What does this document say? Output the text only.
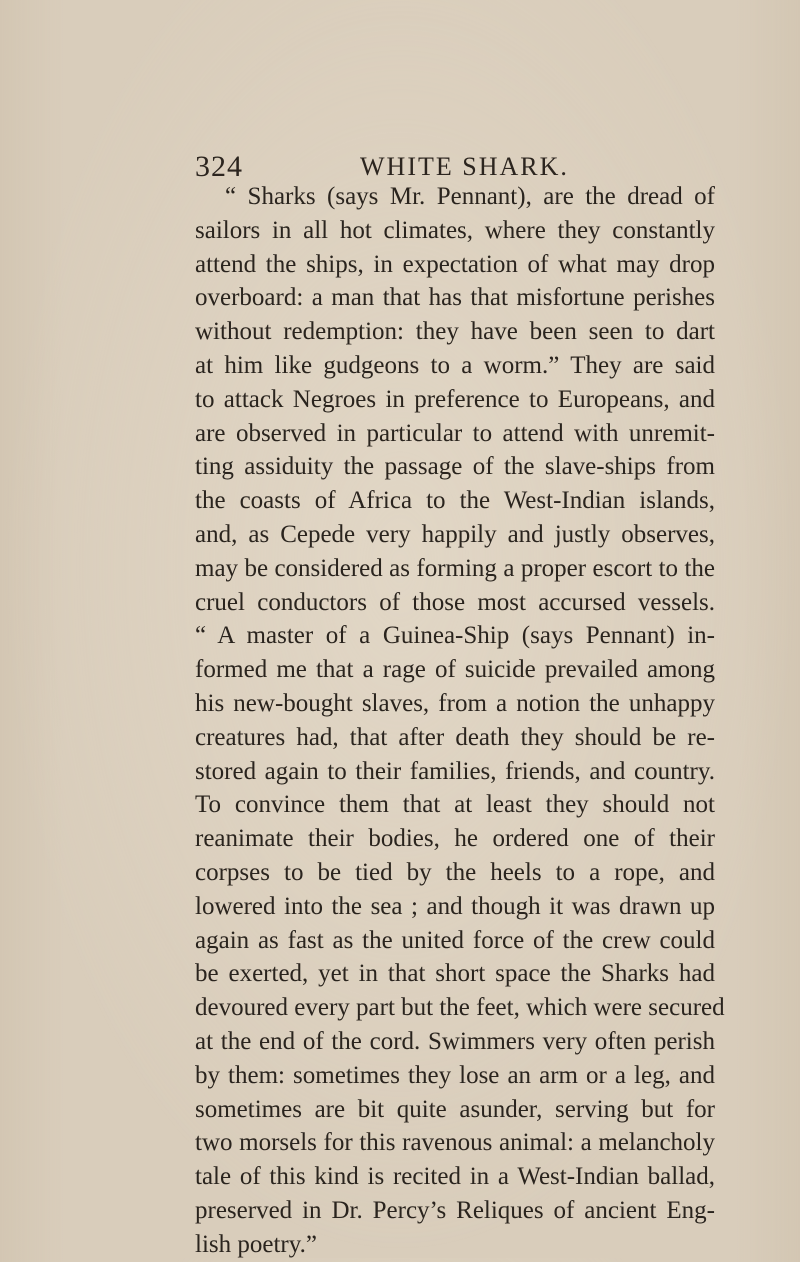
324	WHITE SHARK.
“ Sharks (says Mr. Pennant), are the dread of
sailors in all hot climates, where they constantly
attend the ships, in expectation of what may drop
overboard: a man that has that misfortune perishes
without redemption: they have been seen to dart
at him like gudgeons to a worm.” They are said
to attack Negroes in preference to Europeans, and
are observed in particular to attend with unremit-
ting assiduity the passage of the slave-ships from
the coasts of Africa to the West-Indian islands,
and, as Cepede very happily and justly observes,
may be considered as forming a proper escort to the
cruel conductors of those most accursed vessels.
“ A master of a Guinea-Ship (says Pennant) in-
formed me that a rage of suicide prevailed among
his new-bought slaves, from a notion the unhappy
creatures had, that after death they should be re-
stored again to their families, friends, and country.
To convince them that at least they should not
reanimate their bodies, he ordered one of their
corpses to be tied by the heels to a rope, and
lowered into the sea ; and though it was drawn up
again as fast as the united force of the crew could
be exerted, yet in that short space the Sharks had
devoured every part but the feet, which were secured
at the end of the cord. Swimmers very often perish
by them: sometimes they lose an arm or a leg, and
sometimes are bit quite asunder, serving but for
two morsels for this ravenous animal: a melancholy
tale of this kind is recited in a West-Indian ballad,
preserved in Dr. Percy’s Reliques of ancient Eng-
lish poetry.”
